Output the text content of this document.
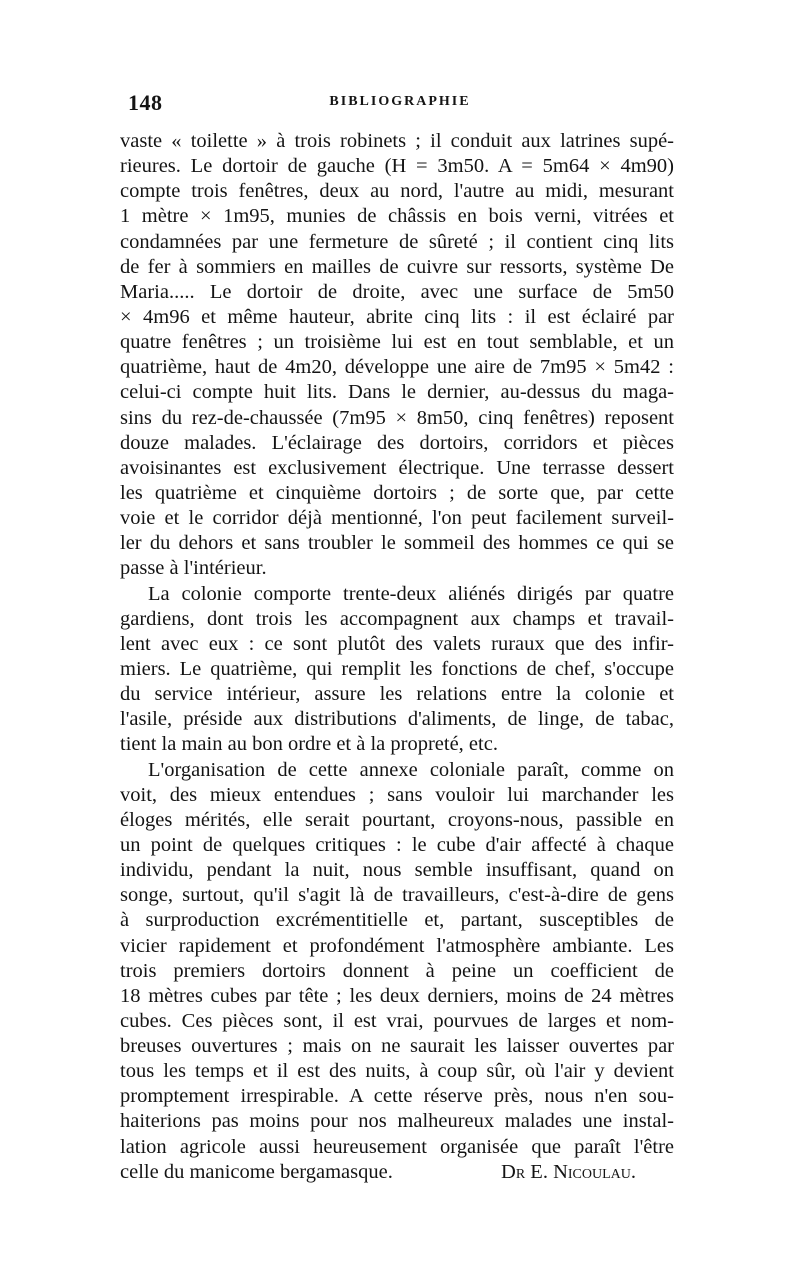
148	BIBLIOGRAPHIE
vaste « toilette » à trois robinets ; il conduit aux latrines supé-
rieures. Le dortoir de gauche (H = 3m50. A = 5m64 × 4m90)
compte trois fenêtres, deux au nord, l'autre au midi, mesurant
1 mètre × 1m95, munies de châssis en bois verni, vitrées et
condamnées par une fermeture de sûreté ; il contient cinq lits
de fer à sommiers en mailles de cuivre sur ressorts, système De
Maria..... Le dortoir de droite, avec une surface de 5m50
× 4m96 et même hauteur, abrite cinq lits : il est éclairé par
quatre fenêtres ; un troisième lui est en tout semblable, et un
quatrième, haut de 4m20, développe une aire de 7m95 × 5m42 :
celui-ci compte huit lits. Dans le dernier, au-dessus du maga-
sins du rez-de-chaussée (7m95 × 8m50, cinq fenêtres) reposent
douze malades. L'éclairage des dortoirs, corridors et pièces
avoisinantes est exclusivement électrique. Une terrasse dessert
les quatrième et cinquième dortoirs ; de sorte que, par cette
voie et le corridor déjà mentionné, l'on peut facilement surveil-
ler du dehors et sans troubler le sommeil des hommes ce qui se
passe à l'intérieur.
La colonie comporte trente-deux aliénés dirigés par quatre
gardiens, dont trois les accompagnent aux champs et travail-
lent avec eux : ce sont plutôt des valets ruraux que des infir-
miers. Le quatrième, qui remplit les fonctions de chef, s'occupe
du service intérieur, assure les relations entre la colonie et
l'asile, préside aux distributions d'aliments, de linge, de tabac,
tient la main au bon ordre et à la propreté, etc.
L'organisation de cette annexe coloniale paraît, comme on
voit, des mieux entendues ; sans vouloir lui marchander les
éloges mérités, elle serait pourtant, croyons-nous, passible en
un point de quelques critiques : le cube d'air affecté à chaque
individu, pendant la nuit, nous semble insuffisant, quand on
songe, surtout, qu'il s'agit là de travailleurs, c'est-à-dire de gens
à surproduction excrémentitielle et, partant, susceptibles de
vicier rapidement et profondément l'atmosphère ambiante. Les
trois premiers dortoirs donnent à peine un coefficient de
18 mètres cubes par tête ; les deux derniers, moins de 24 mètres
cubes. Ces pièces sont, il est vrai, pourvues de larges et nom-
breuses ouvertures ; mais on ne saurait les laisser ouvertes par
tous les temps et il est des nuits, à coup sûr, où l'air y devient
promptement irrespirable. A cette réserve près, nous n'en sou-
haiterions pas moins pour nos malheureux malades une instal-
lation agricole aussi heureusement organisée que paraît l'être
celle du manicome bergamasque.	Dr E. Nicoulau.
